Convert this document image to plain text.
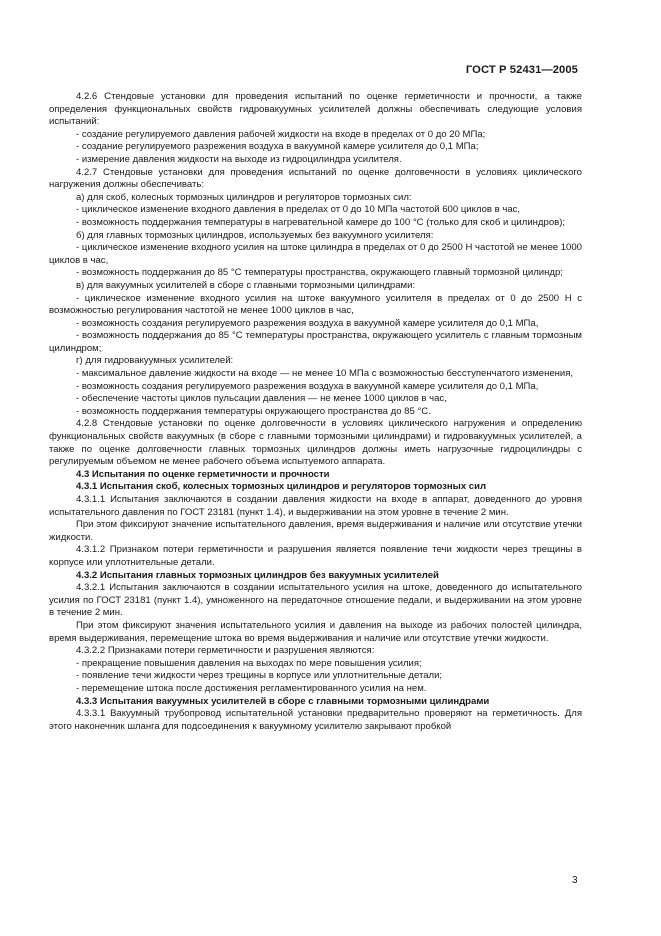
ГОСТ Р 52431—2005

4.2.6 Стендовые установки для проведения испытаний по оценке герметичности и прочности, а также определения функциональных свойств гидровакуумных усилителей должны обеспечивать следующие условия испытаний:

- создание регулируемого давления рабочей жидкости на входе в пределах от 0 до 20 МПа;

- создание регулируемого разрежения воздуха в вакуумной камере усилителя до 0,1 МПа;

- измерение давления жидкости на выходе из гидроцилиндра усилителя.

4.2.7 Стендовые установки для проведения испытаний по оценке долговечности в условиях циклического нагружения должны обеспечивать:

а) для скоб, колесных тормозных цилиндров и регуляторов тормозных сил:

- циклическое изменение входного давления в пределах от 0 до 10 МПа частотой 600 циклов в час,

- возможность поддержания температуры в нагревательной камере до 100 °С (только для скоб и цилиндров);

б) для главных тормозных цилиндров, используемых без вакуумного усилителя:

- циклическое изменение входного усилия на штоке цилиндра в пределах от 0 до 2500 Н частотой не менее 1000 циклов в час,

- возможность поддержания до 85 °С температуры пространства, окружающего главный тормозной цилиндр;

в) для вакуумных усилителей в сборе с главными тормозными цилиндрами:

- циклическое изменение входного усилия на штоке вакуумного усилителя в пределах от 0 до 2500 Н с возможностью регулирования частотой не менее 1000 циклов в час,

- возможность создания регулируемого разрежения воздуха в вакуумной камере усилителя до 0,1 МПа,

- возможность поддержания до 85 °С температуры пространства, окружающего усилитель с главным тормозным цилиндром;

г) для гидровакуумных усилителей:

- максимальное давление жидкости на входе — не менее 10 МПа с возможностью бесступенчатого изменения,

- возможность создания регулируемого разрежения воздуха в вакуумной камере усилителя до 0,1 МПа,

- обеспечение частоты циклов пульсации давления — не менее 1000 циклов в час,

- возможность поддержания температуры окружающего пространства до 85 °С.

4.2.8 Стендовые установки по оценке долговечности в условиях циклического нагружения и определению функциональных свойств вакуумных (в сборе с главными тормозными цилиндрами) и гидровакуумных усилителей, а также по оценке долговечности главных тормозных цилиндров должны иметь нагрузочные гидроцилиндры с регулируемым объемом не менее рабочего объема испытуемого аппарата.

4.3 Испытания по оценке герметичности и прочности

4.3.1 Испытания скоб, колесных тормозных цилиндров и регуляторов тормозных сил

4.3.1.1 Испытания заключаются в создании давления жидкости на входе в аппарат, доведенного до уровня испытательного давления по ГОСТ 23181 (пункт 1.4), и выдерживании на этом уровне в течение 2 мин.

При этом фиксируют значение испытательного давления, время выдерживания и наличие или отсутствие утечки жидкости.

4.3.1.2 Признаком потери герметичности и разрушения является появление течи жидкости через трещины в корпусе или уплотнительные детали.

4.3.2 Испытания главных тормозных цилиндров без вакуумных усилителей

4.3.2.1 Испытания заключаются в создании испытательного усилия на штоке, доведенного до испытательного усилия по ГОСТ 23181 (пункт 1.4), умноженного на передаточное отношение педали, и выдерживании на этом уровне в течение 2 мин.

При этом фиксируют значения испытательного усилия и давления на выходе из рабочих полостей цилиндра, время выдерживания, перемещение штока во время выдерживания и наличие или отсутствие утечки жидкости.

4.3.2.2 Признаками потери герметичности и разрушения являются:

- прекращение повышения давления на выходах по мере повышения усилия;

- появление течи жидкости через трещины в корпусе или уплотнительные детали;

- перемещение штока после достижения регламентированного усилия на нем.

4.3.3 Испытания вакуумных усилителей в сборе с главными тормозными цилиндрами

4.3.3.1 Вакуумный трубопровод испытательной установки предварительно проверяют на герметичность. Для этого наконечник шланга для подсоединения к вакуумному усилителю закрывают пробкой

3
